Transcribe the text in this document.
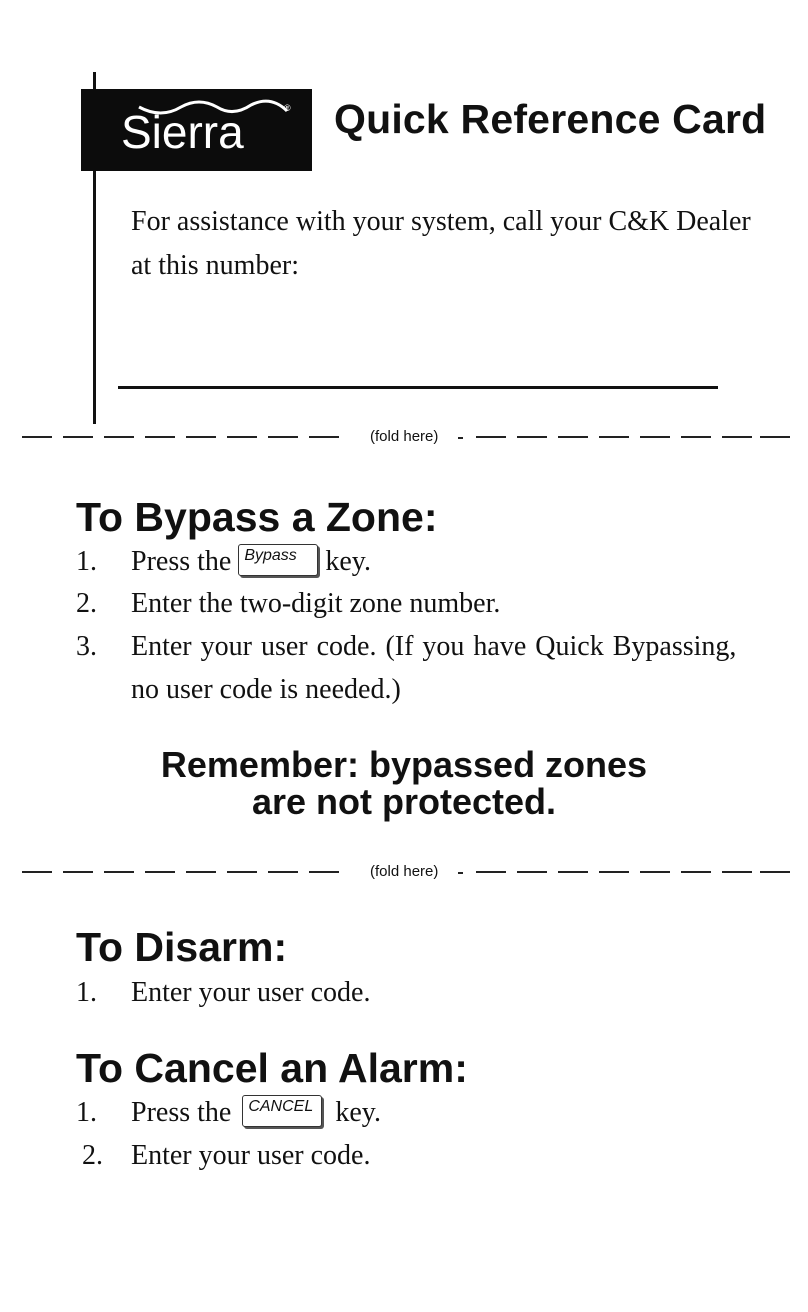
Sierra	® Quick Reference Card
For assistance with your system, call your C&K Dealer
at this number:
(fold here)
To Bypass a Zone:
1. Press the Bypass key.
2. Enter the two-digit zone number.
3. Enter your user code. (If you have Quick Bypassing,
no user code is needed.)
Remember: bypassed zones
are not protected.
(fold here)
To Disarm:
1. Enter your user code.
To Cancel an Alarm:
1. Press the CANCEL key.
2. Enter your user code.
